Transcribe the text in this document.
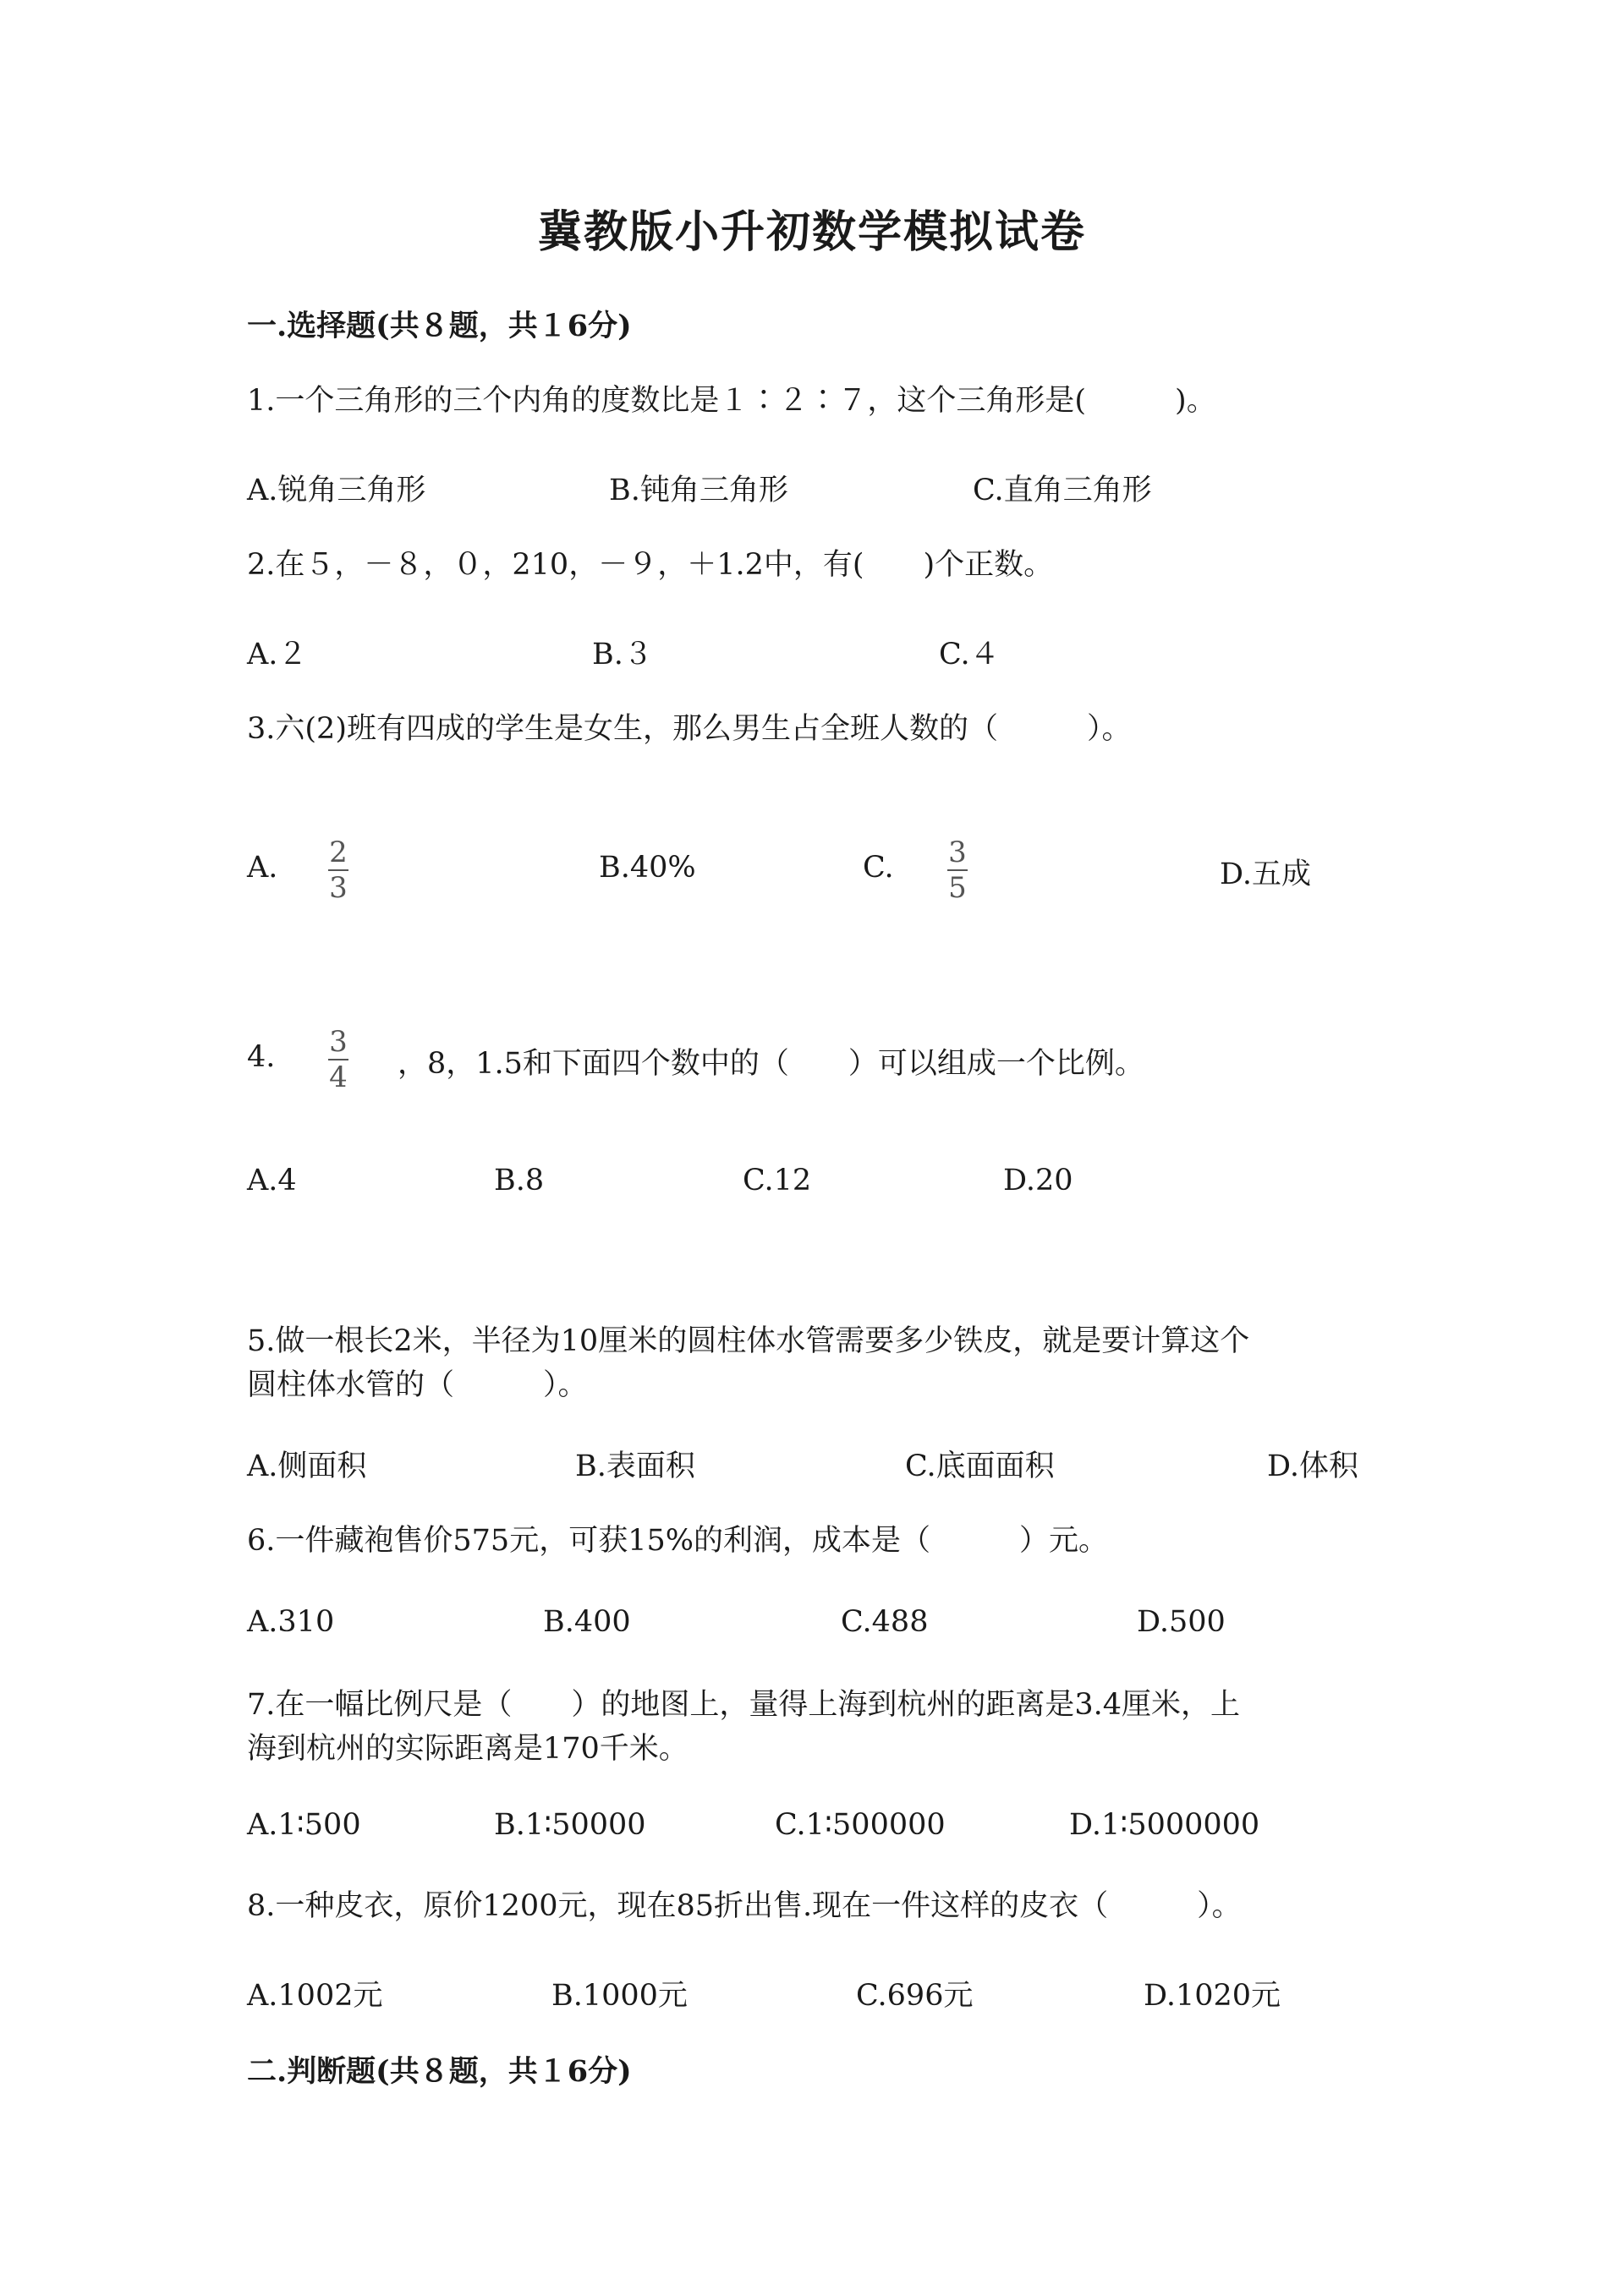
冀教版小升初数学模拟试卷
一.选择题(共８题，共１6分)
1.一个三角形的三个内角的度数比是１∶２∶７，这个三角形是(　　　)。
A.锐角三角形	B.钝角三角形	C.直角三角形
2.在５，－８，０，210，－９，＋1.2中，有(　　)个正数。
A.２	B.３	C.４
3.六(2)班有四成的学生是女生，那么男生占全班人数的（　　　）。
A. 2
3
B.40%	C. 3
5	D.五成
4. 3
4 ，8，1.5和下面四个数中的（　　）可以组成一个比例。
A.4	B.8	C.12	D.20
5.做一根长2米，半径为10厘米的圆柱体水管需要多少铁皮，就是要计算这个
圆柱体水管的（　　　）。
A.侧面积	B.表面积	C.底面面积	D.体积
6.一件藏袍售价575元，可获15%的利润，成本是（　　　）元。
A.310	B.400	C.488	D.500
7.在一幅比例尺是（　　）的地图上，量得上海到杭州的距离是3.4厘米，上
海到杭州的实际距离是170千米。
A.1∶500	B.1∶50000	C.1∶500000	D.1∶5000000
8.一种皮衣，原价1200元，现在85折出售.现在一件这样的皮衣（　　　）。
A.1002元	B.1000元	C.696元	D.1020元
二.判断题(共８题，共１6分)
